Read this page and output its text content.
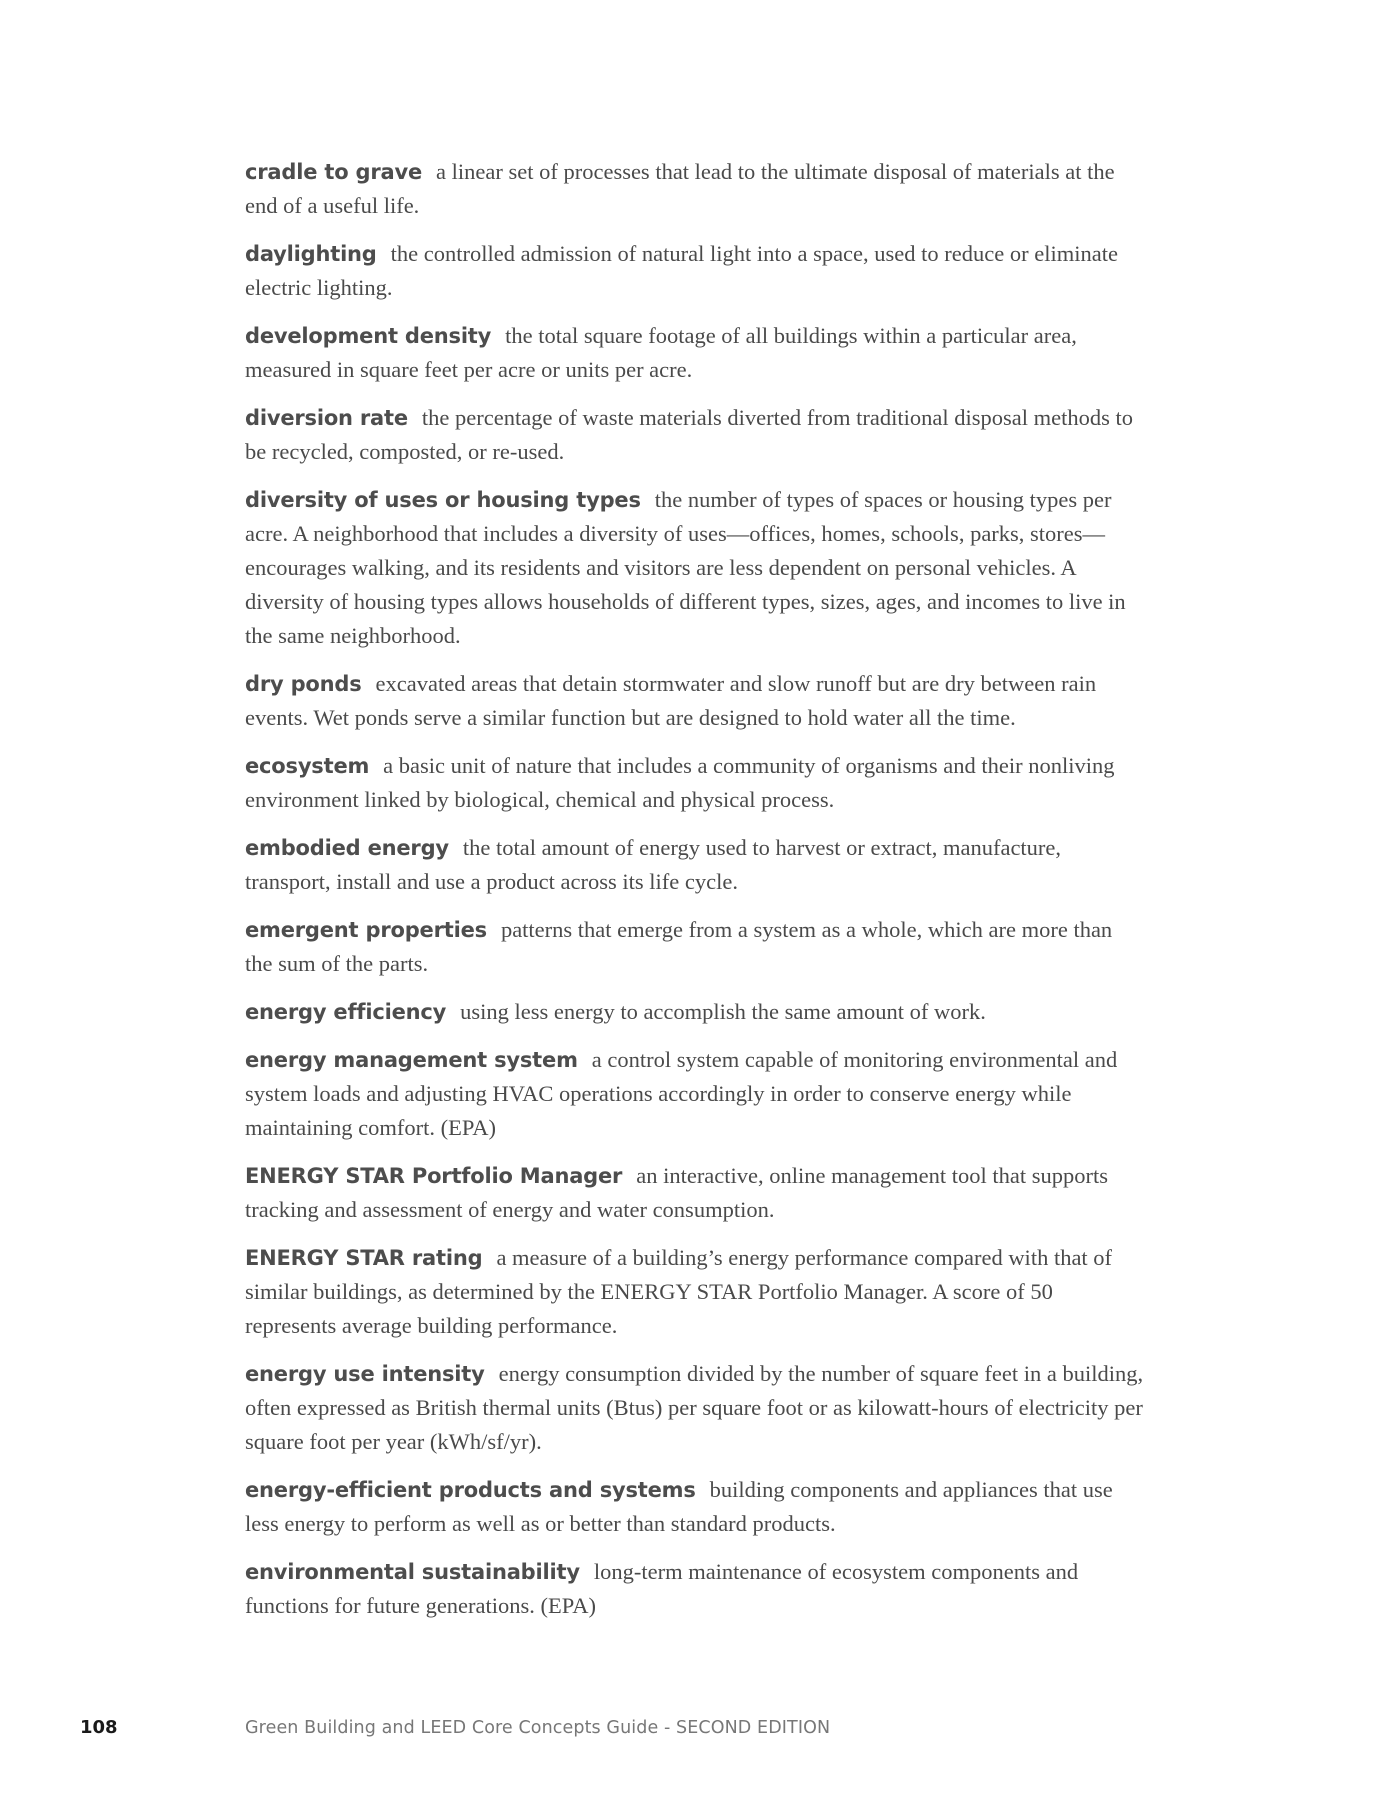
cradle to grave a linear set of processes that lead to the ultimate disposal of materials at the end of a useful life.

daylighting the controlled admission of natural light into a space, used to reduce or eliminate electric lighting.

development density the total square footage of all buildings within a particular area, measured in square feet per acre or units per acre.

diversion rate the percentage of waste materials diverted from traditional disposal methods to be recycled, composted, or re-used.

diversity of uses or housing types the number of types of spaces or housing types per acre. A neighborhood that includes a diversity of uses—offices, homes, schools, parks, stores—encourages walking, and its residents and visitors are less dependent on personal vehicles. A diversity of housing types allows households of different types, sizes, ages, and incomes to live in the same neighborhood.

dry ponds excavated areas that detain stormwater and slow runoff but are dry between rain events. Wet ponds serve a similar function but are designed to hold water all the time.

ecosystem a basic unit of nature that includes a community of organisms and their nonliving environment linked by biological, chemical and physical process.

embodied energy the total amount of energy used to harvest or extract, manufacture, transport, install and use a product across its life cycle.

emergent properties patterns that emerge from a system as a whole, which are more than the sum of the parts.

energy efficiency using less energy to accomplish the same amount of work.

energy management system a control system capable of monitoring environmental and system loads and adjusting HVAC operations accordingly in order to conserve energy while maintaining comfort. (EPA)

ENERGY STAR Portfolio Manager an interactive, online management tool that supports tracking and assessment of energy and water consumption.

ENERGY STAR rating a measure of a building’s energy performance compared with that of similar buildings, as determined by the ENERGY STAR Portfolio Manager. A score of 50 represents average building performance.

energy use intensity energy consumption divided by the number of square feet in a building, often expressed as British thermal units (Btus) per square foot or as kilowatt-hours of electricity per square foot per year (kWh/sf/yr).

energy-efficient products and systems building components and appliances that use less energy to perform as well as or better than standard products.

environmental sustainability long-term maintenance of ecosystem components and functions for future generations. (EPA)

108	Green Building and LEED Core Concepts Guide - SECOND EDITION
